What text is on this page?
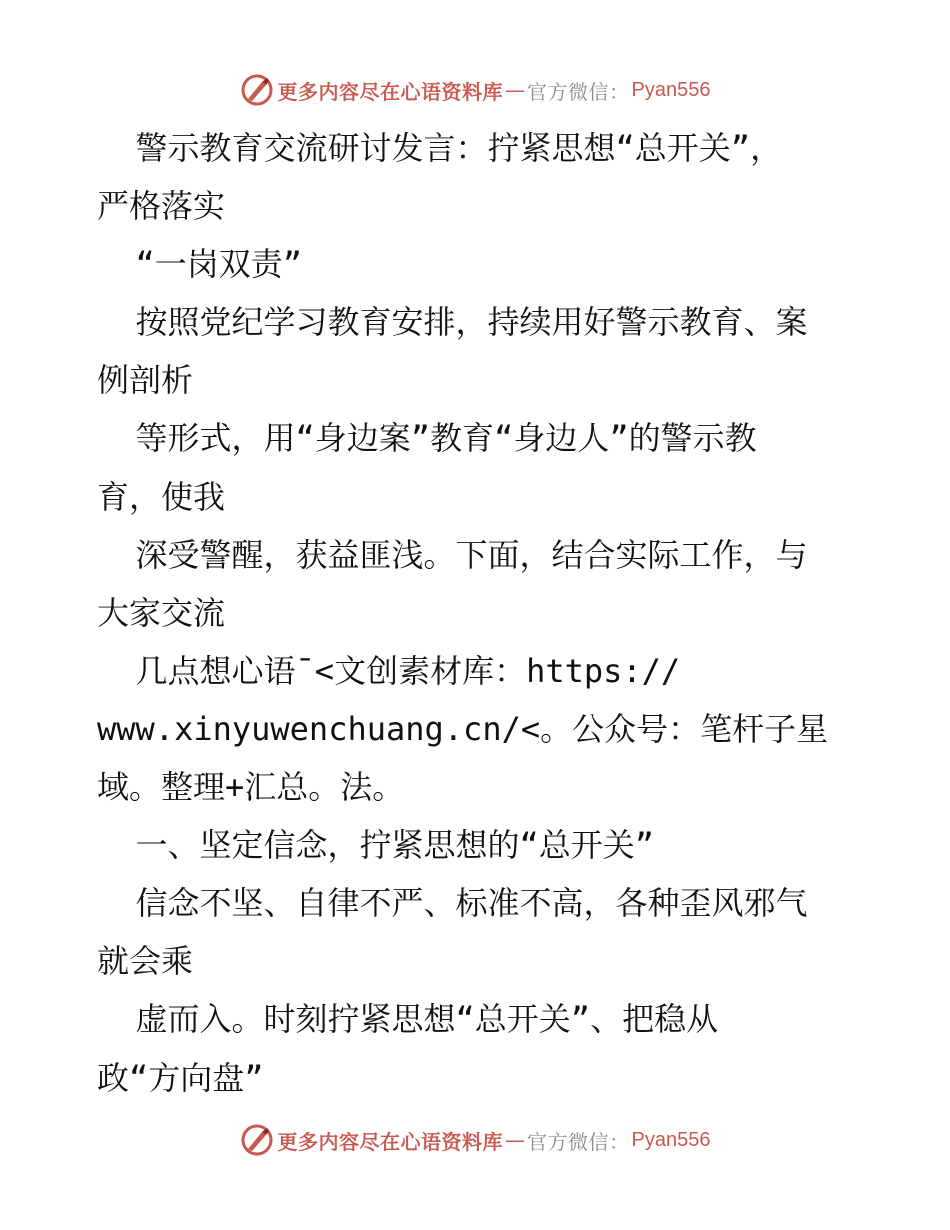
更多内容尽在心语资料库 — 官方微信： Pyan556
警示教育交流研讨发言：拧紧思想“总开关”，
严格落实
“一岗双责”
按照党纪学习教育安排，持续用好警示教育、案
例剖析
等形式，用“身边案”教育“身边人”的警示教
育，使我
深受警醒，获益匪浅。下面，结合实际工作，与
大家交流
几点想心语¯<文创素材库：https://
www.xinyuwenchuang.cn/<。公众号：笔杆子星
域。整理+汇总。法。
一、坚定信念，拧紧思想的“总开关”
信念不坚、自律不严、标准不高，各种歪风邪气
就会乘
虚而入。时刻拧紧思想“总开关”、把稳从
政“方向盘”
更多内容尽在心语资料库 — 官方微信： Pyan556
